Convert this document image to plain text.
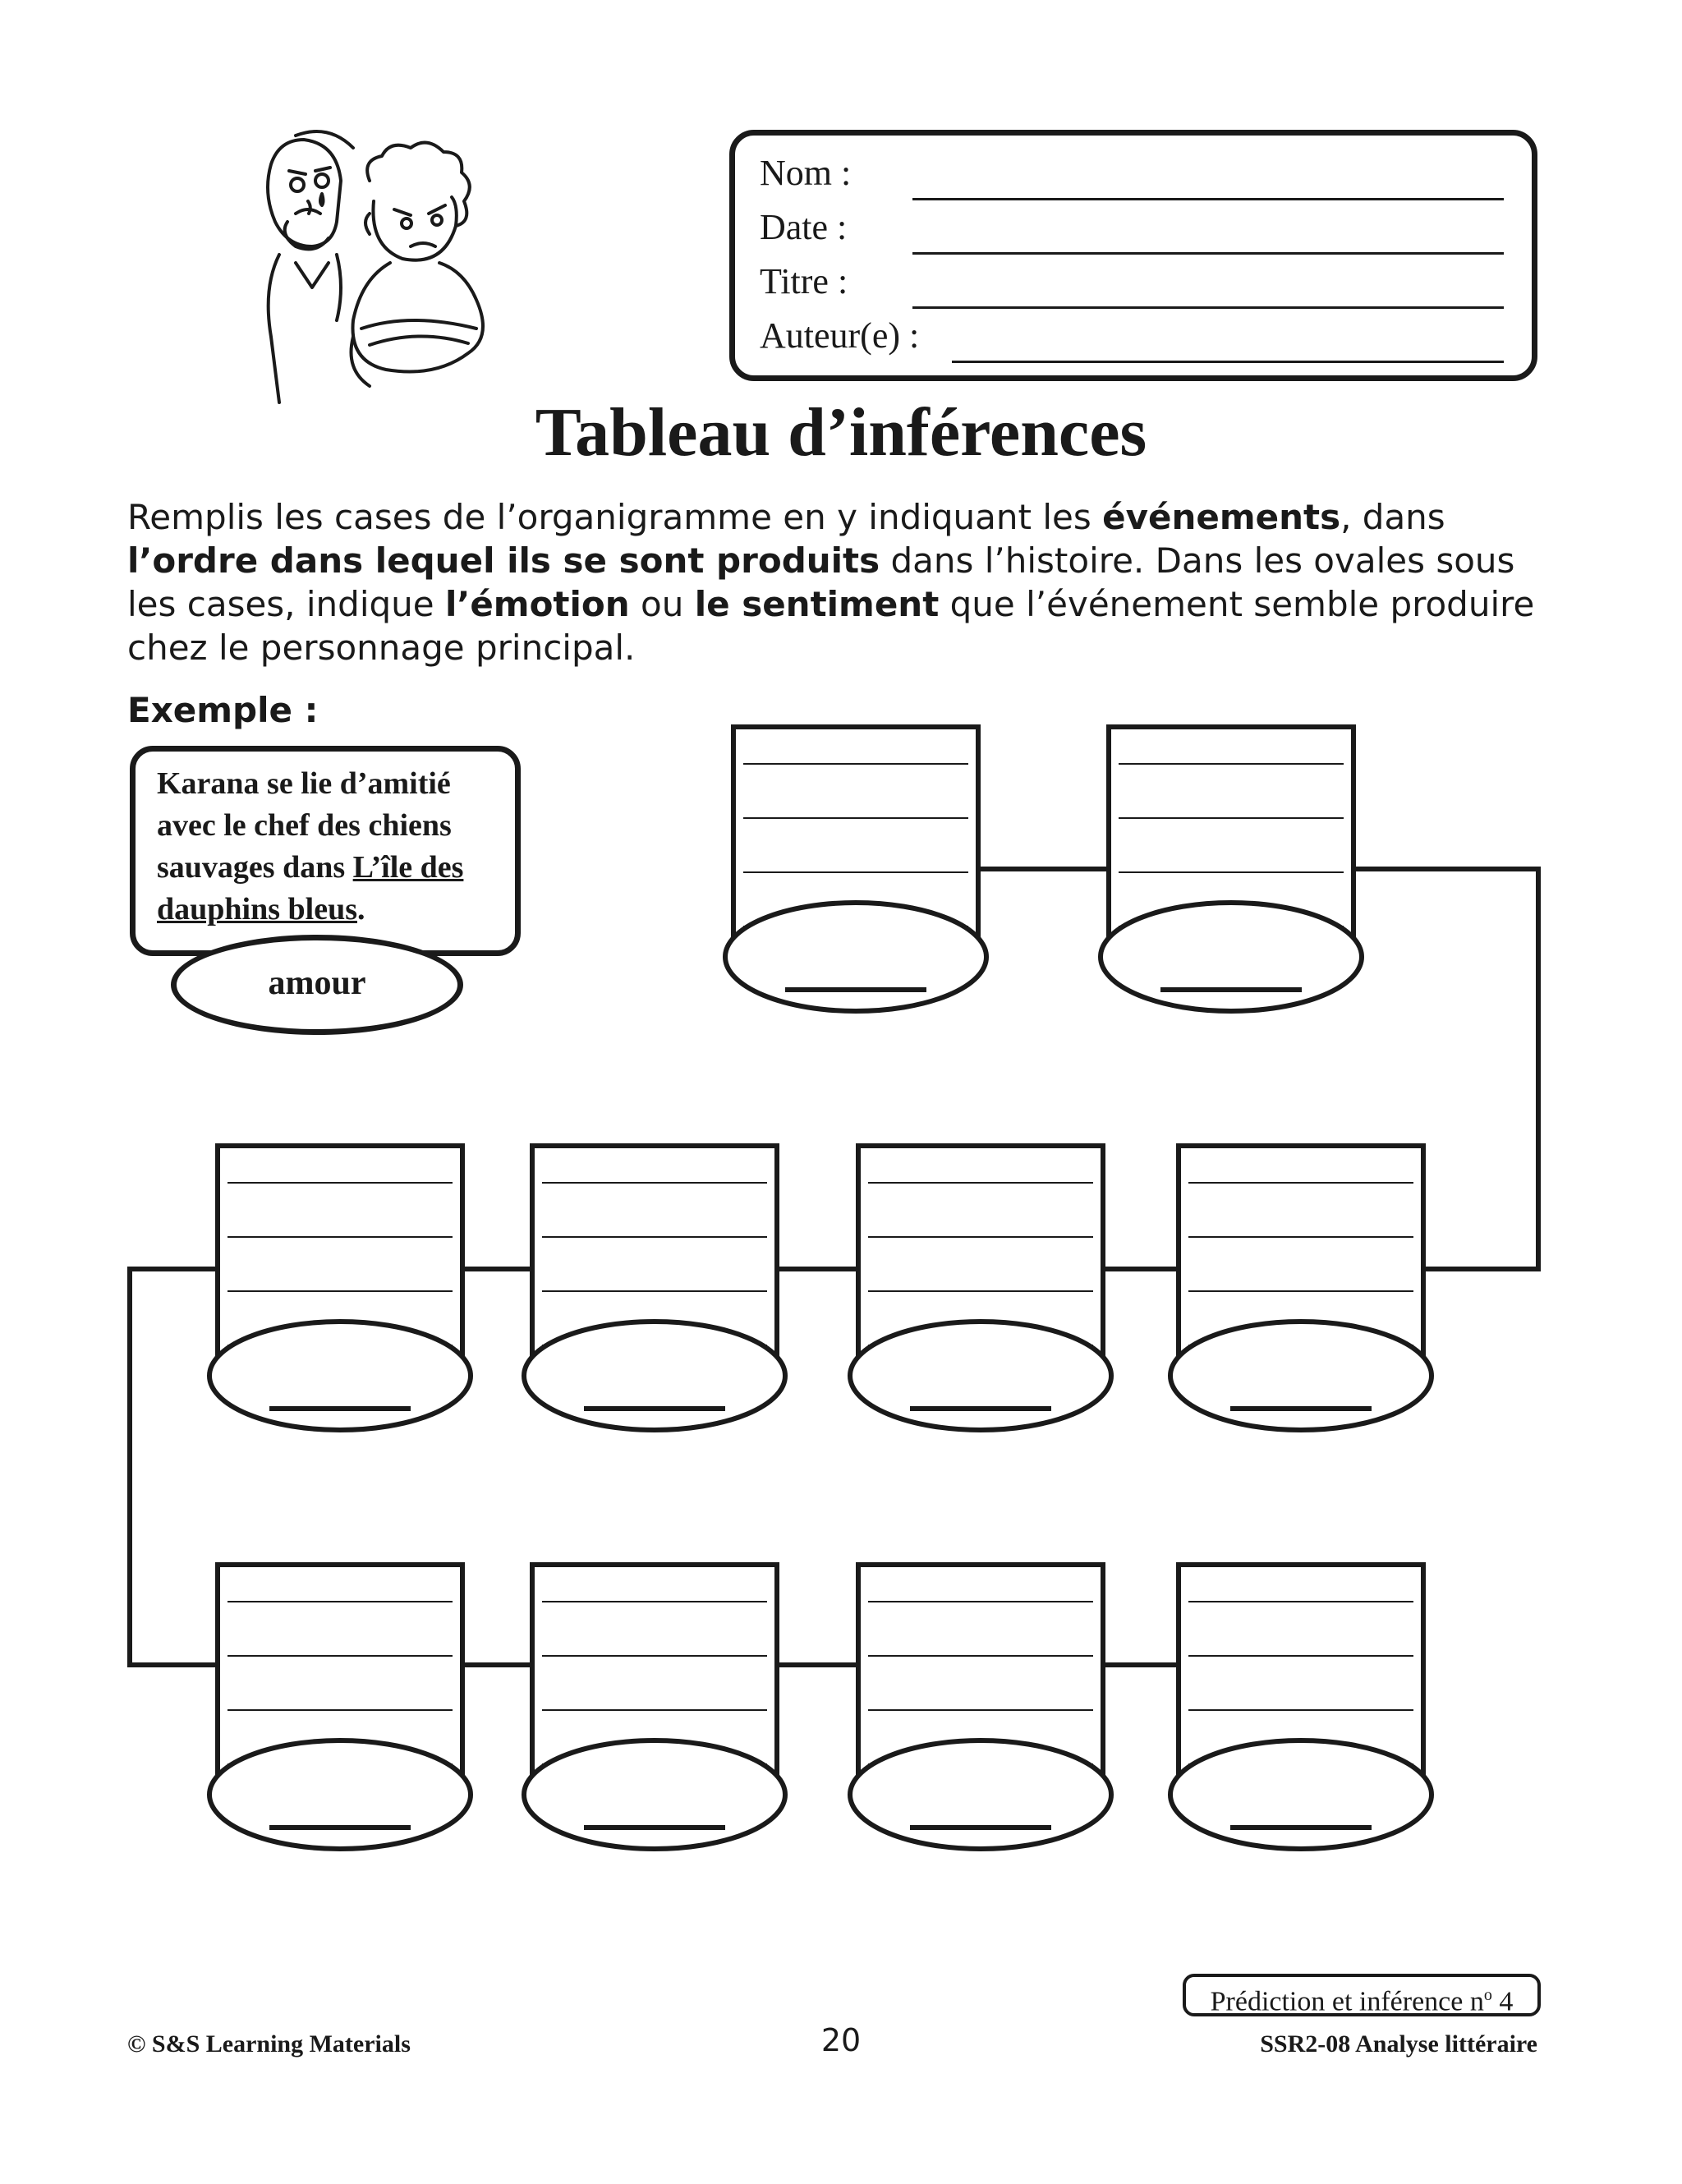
Nom :
Date :
Titre :
Auteur(e) :
Tableau d’inférences
Remplis les cases de l’organigramme en y indiquant les événements, dans l’ordre dans lequel ils se sont produits dans l’histoire. Dans les ovales sous les cases, indique l’émotion ou le sentiment que l’événement semble produire chez le personnage principal.
Exemple :
Karana se lie d’amitié avec le chef des chiens sauvages dans L’île des dauphins bleus.
amour
Prédiction et inférence $n^o$ 4
© S&S Learning Materials	20	SSR2-08 Analyse littéraire
